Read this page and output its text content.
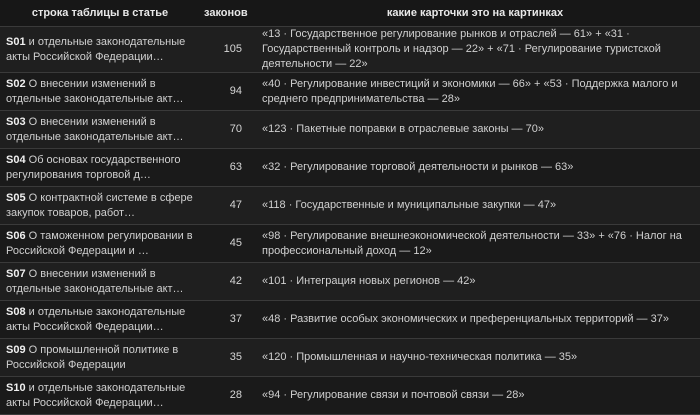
строка таблицы в статье	законов	какие карточки это на картинках
S01 и отдельные законодательные акты Российской Федерации…	105	«13 · Государственное регулирование рынков и отраслей — 61» + «31 · Государственный контроль и надзор — 22» + «71 · Регулирование туристской деятельности — 22»
S02 О внесении изменений в отдельные законодательные акт…	94	«40 · Регулирование инвестиций и экономики — 66» + «53 · Поддержка малого и среднего предпринимательства — 28»
S03 О внесении изменений в отдельные законодательные акт…	70	«123 · Пакетные поправки в отраслевые законы — 70»
S04 Об основах государственного регулирования торговой д…	63	«32 · Регулирование торговой деятельности и рынков — 63»
S05 О контрактной системе в сфере закупок товаров, работ…	47	«118 · Государственные и муниципальные закупки — 47»
S06 О таможенном регулировании в Российской Федерации и …	45	«98 · Регулирование внешнеэкономической деятельности — 33» + «76 · Налог на профессиональный доход — 12»
S07 О внесении изменений в отдельные законодательные акт…	42	«101 · Интеграция новых регионов — 42»
S08 и отдельные законодательные акты Российской Федерации…	37	«48 · Развитие особых экономических и преференциальных территорий — 37»
S09 О промышленной политике в Российской Федерации	35	«120 · Промышленная и научно-техническая политика — 35»
S10 и отдельные законодательные акты Российской Федерации…	28	«94 · Регулирование связи и почтовой связи — 28»
